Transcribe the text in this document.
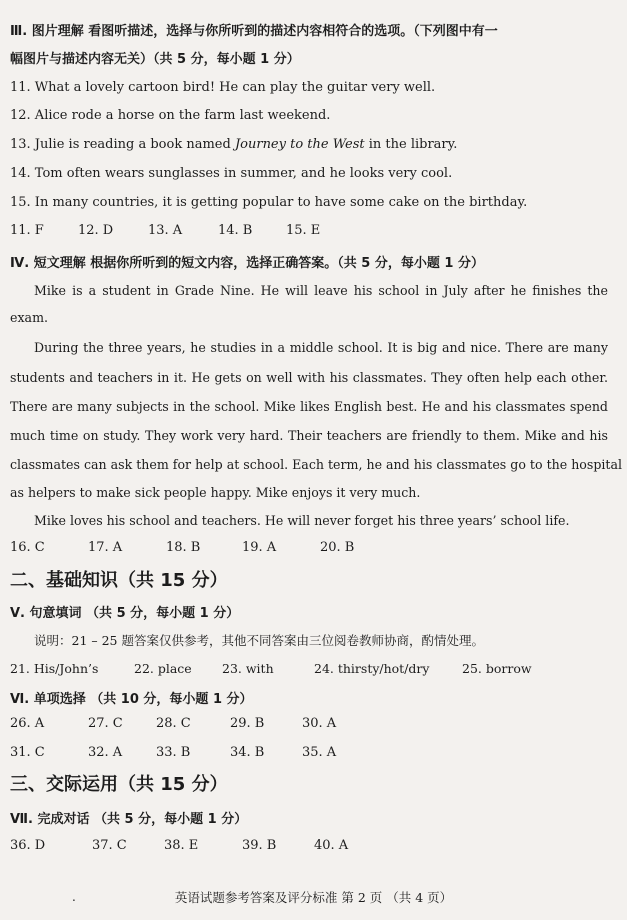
Ⅲ. 图片理解 看图听描述，选择与你所听到的描述内容相符合的选项。（下列图中有一
幅图片与描述内容无关）（共 5 分，每小题 1 分）
11. What a lovely cartoon bird! He can play the guitar very well.
12. Alice rode a horse on the farm last weekend.
13. Julie is reading a book named Journey to the West in the library.
14. Tom often wears sunglasses in summer, and he looks very cool.
15. In many countries, it is getting popular to have some cake on the birthday.
11. F	12. D	13. A	14. B	15. E
Ⅳ. 短文理解 根据你所听到的短文内容，选择正确答案。（共 5 分，每小题 1 分）
Mike is a student in Grade Nine. He will leave his school in July after he finishes the
exam.
During the three years, he studies in a middle school. It is big and nice. There are many
students and teachers in it. He gets on well with his classmates. They often help each other.
There are many subjects in the school. Mike likes English best. He and his classmates spend
much time on study. They work very hard. Their teachers are friendly to them. Mike and his
classmates can ask them for help at school. Each term, he and his classmates go to the hospital
as helpers to make sick people happy. Mike enjoys it very much.
Mike loves his school and teachers. He will never forget his three years’ school life.
16. C	17. A	18. B	19. A	20. B
二、基础知识（共 15 分）
Ⅴ. 句意填词 （共 5 分，每小题 1 分）
说明：21 – 25 题答案仅供参考，其他不同答案由三位阅卷教师协商，酌情处理。
21. His/John’s	22. place 23. with	24. thirsty/hot/dry	25. borrow
Ⅵ. 单项选择 （共 10 分，每小题 1 分）
26. A	27. C	28. C	29. B	30. A
31. C	32. A	33. B	34. B	35. A
三、交际运用（共 15 分）
Ⅶ. 完成对话 （共 5 分，每小题 1 分）
36. D	37. C	38. E	39. B	40. A
.	英语试题参考答案及评分标准 第 2 页 （共 4 页）
